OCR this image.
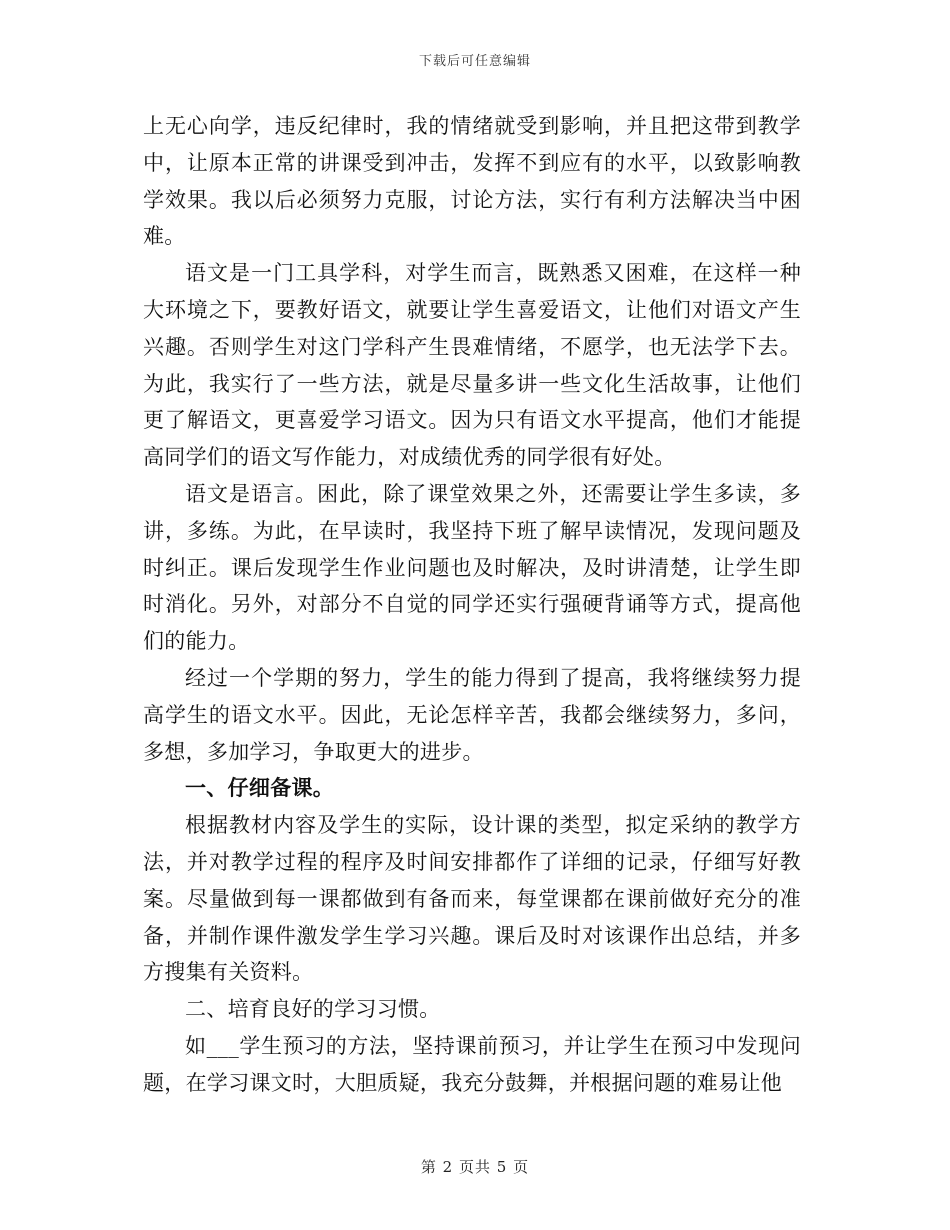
下载后可任意编辑

上无心向学，违反纪律时，我的情绪就受到影响，并且把这带到教学中，让原本正常的讲课受到冲击，发挥不到应有的水平，以致影响教学效果。我以后必须努力克服，讨论方法，实行有利方法解决当中困难。

语文是一门工具学科，对学生而言，既熟悉又困难，在这样一种大环境之下，要教好语文，就要让学生喜爱语文，让他们对语文产生兴趣。否则学生对这门学科产生畏难情绪，不愿学，也无法学下去。为此，我实行了一些方法，就是尽量多讲一些文化生活故事，让他们更了解语文，更喜爱学习语文。因为只有语文水平提高，他们才能提高同学们的语文写作能力，对成绩优秀的同学很有好处。

语文是语言。困此，除了课堂效果之外，还需要让学生多读，多讲，多练。为此，在早读时，我坚持下班了解早读情况，发现问题及时纠正。课后发现学生作业问题也及时解决，及时讲清楚，让学生即时消化。另外，对部分不自觉的同学还实行强硬背诵等方式，提高他们的能力。

经过一个学期的努力，学生的能力得到了提高，我将继续努力提高学生的语文水平。因此，无论怎样辛苦，我都会继续努力，多问，多想，多加学习，争取更大的进步。

一、仔细备课。

根据教材内容及学生的实际，设计课的类型，拟定采纳的教学方法，并对教学过程的程序及时间安排都作了详细的记录，仔细写好教案。尽量做到每一课都做到有备而来，每堂课都在课前做好充分的准备，并制作课件激发学生学习兴趣。课后及时对该课作出总结，并多方搜集有关资料。

二、培育良好的学习习惯。

如___学生预习的方法，坚持课前预习，并让学生在预习中发现问题，在学习课文时，大胆质疑，我充分鼓舞，并根据问题的难易让他

第 2 页共 5 页
